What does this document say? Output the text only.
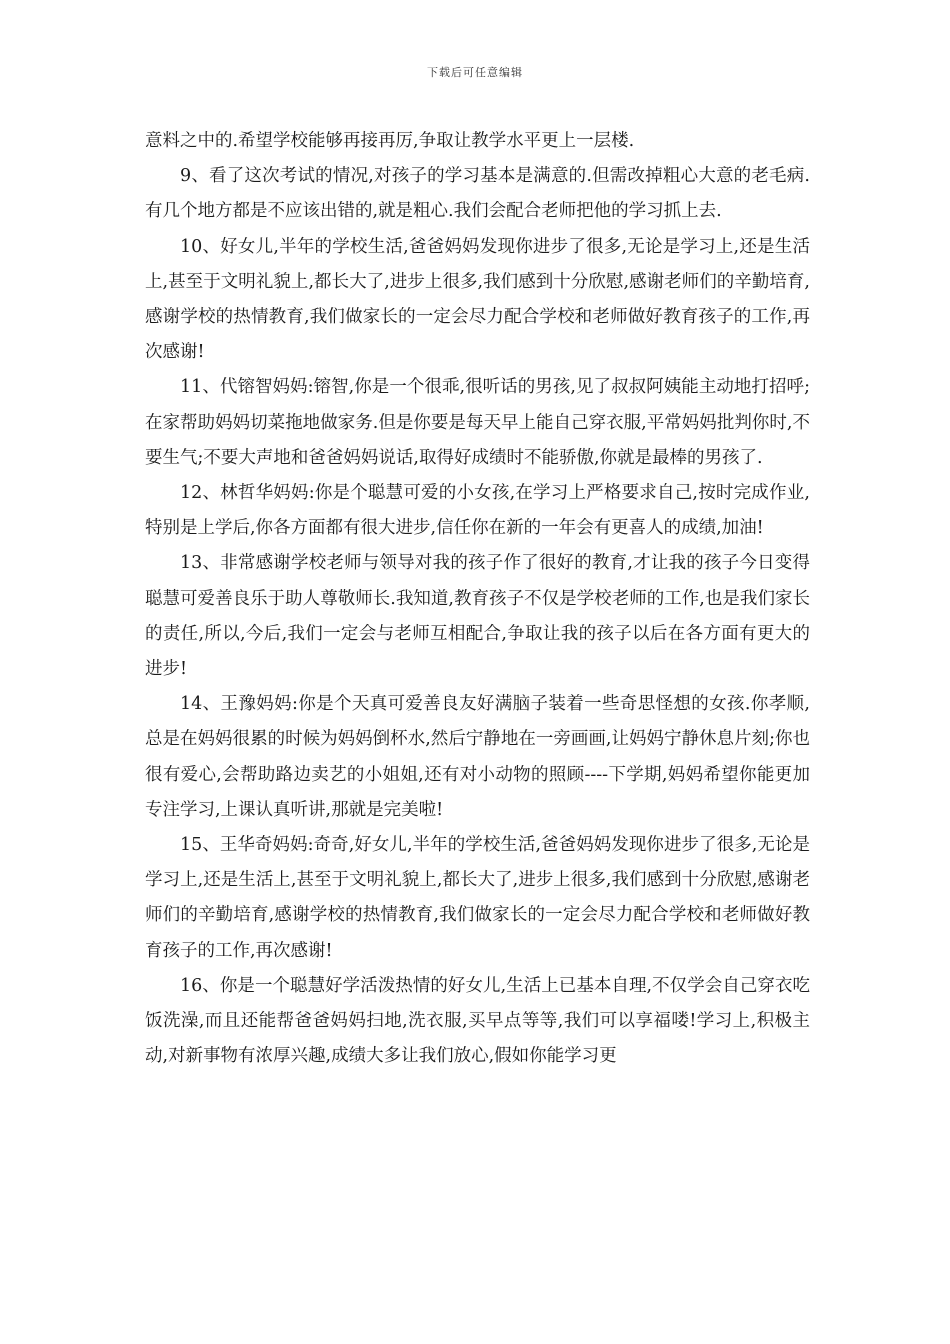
下载后可任意编辑

意料之中的.希望学校能够再接再厉,争取让教学水平更上一层楼.

9、看了这次考试的情况,对孩子的学习基本是满意的.但需改掉粗心大意的老毛病.有几个地方都是不应该出错的,就是粗心.我们会配合老师把他的学习抓上去.

10、好女儿,半年的学校生活,爸爸妈妈发现你进步了很多,无论是学习上,还是生活上,甚至于文明礼貌上,都长大了,进步上很多,我们感到十分欣慰,感谢老师们的辛勤培育,感谢学校的热情教育,我们做家长的一定会尽力配合学校和老师做好教育孩子的工作,再次感谢!

11、代镕智妈妈:镕智,你是一个很乖,很听话的男孩,见了叔叔阿姨能主动地打招呼;在家帮助妈妈切菜拖地做家务.但是你要是每天早上能自己穿衣服,平常妈妈批判你时,不要生气;不要大声地和爸爸妈妈说话,取得好成绩时不能骄傲,你就是最棒的男孩了.

12、林哲华妈妈:你是个聪慧可爱的小女孩,在学习上严格要求自己,按时完成作业,特别是上学后,你各方面都有很大进步,信任你在新的一年会有更喜人的成绩,加油!

13、非常感谢学校老师与领导对我的孩子作了很好的教育,才让我的孩子今日变得聪慧可爱善良乐于助人尊敬师长.我知道,教育孩子不仅是学校老师的工作,也是我们家长的责任,所以,今后,我们一定会与老师互相配合,争取让我的孩子以后在各方面有更大的进步!

14、王豫妈妈:你是个天真可爱善良友好满脑子装着一些奇思怪想的女孩.你孝顺,总是在妈妈很累的时候为妈妈倒杯水,然后宁静地在一旁画画,让妈妈宁静休息片刻;你也很有爱心,会帮助路边卖艺的小姐姐,还有对小动物的照顾----下学期,妈妈希望你能更加专注学习,上课认真听讲,那就是完美啦!

15、王华奇妈妈:奇奇,好女儿,半年的学校生活,爸爸妈妈发现你进步了很多,无论是学习上,还是生活上,甚至于文明礼貌上,都长大了,进步上很多,我们感到十分欣慰,感谢老师们的辛勤培育,感谢学校的热情教育,我们做家长的一定会尽力配合学校和老师做好教育孩子的工作,再次感谢!

16、你是一个聪慧好学活泼热情的好女儿,生活上已基本自理,不仅学会自己穿衣吃饭洗澡,而且还能帮爸爸妈妈扫地,洗衣服,买早点等等,我们可以享福喽!学习上,积极主动,对新事物有浓厚兴趣,成绩大多让我们放心,假如你能学习更
